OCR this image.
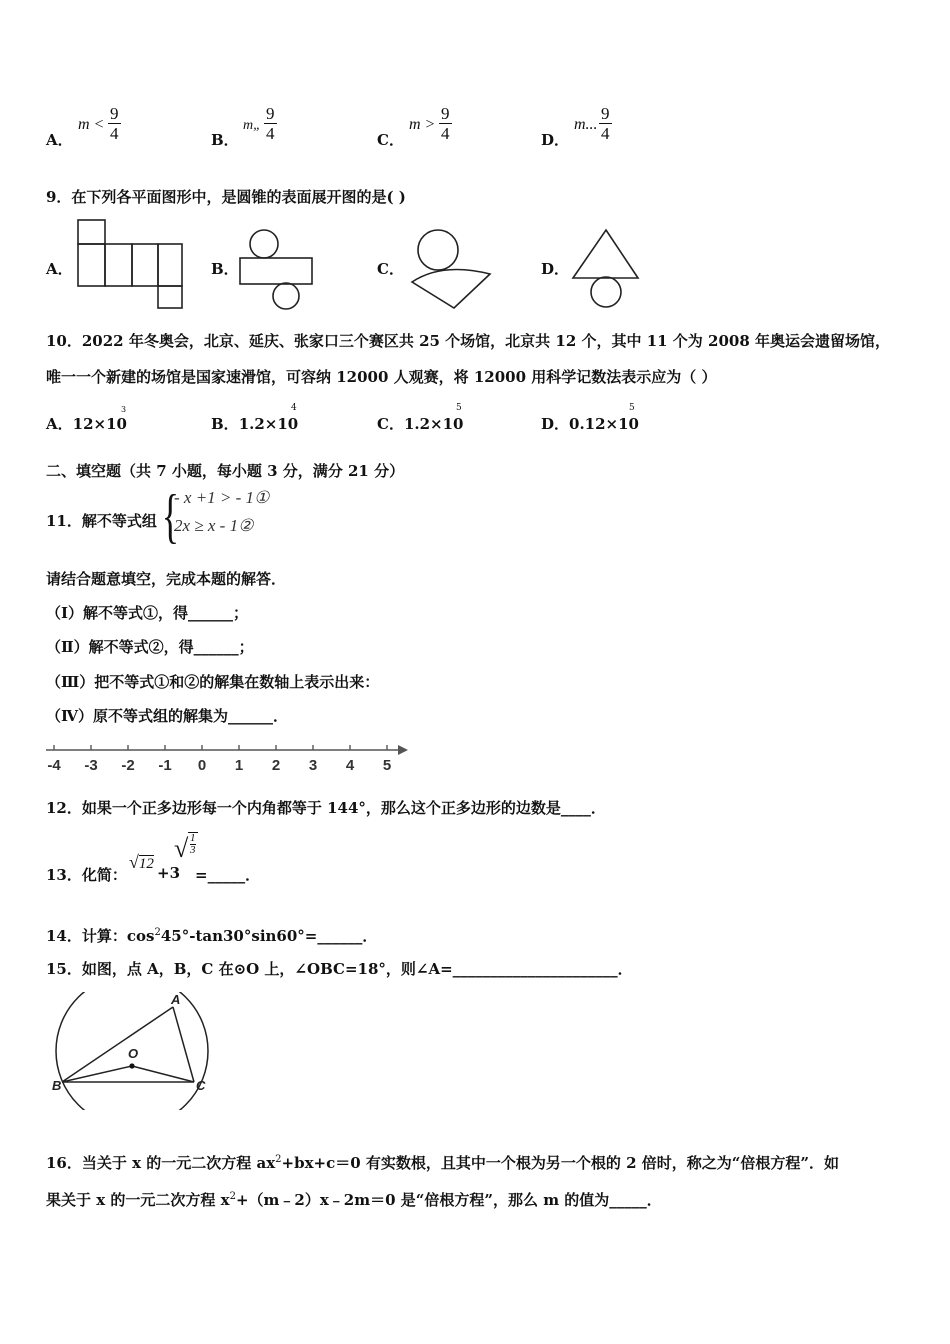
A．
$m < \frac{9}{4}$	B．
m„ $\frac{9}{4}$	C．
$m > \frac{9}{4}$	D．
m... $\frac{9}{4}$
9．在下列各平面图形中，是圆锥的表面展开图的是( )
A．	B．	C．	D．
10．2022 年冬奥会，北京、延庆、张家口三个赛区共 25 个场馆，北京共 12 个，其中 11 个为 2008 年奥运会遗留场馆，
唯一一个新建的场馆是国家速滑馆，可容纳 12000 人观赛，将 12000 用科学记数法表示应为（ ）
A．12×10
3
B．1.2×10
4
C．1.2×10
5
D．0.12×10
5
二、填空题（共 7 小题，每小题 3 分，满分 21 分）
11．解不等式组 {
- x +1 > - 1①
2x ≥ x - 1②
请结合题意填空，完成本题的解答．
（Ⅰ）解不等式①，得______；
（Ⅱ）解不等式②，得______；
（Ⅲ）把不等式①和②的解集在数轴上表示出来：
（Ⅳ）原不等式组的解集为______．
-4 -3 -2 -1 0 1 2 3 4 5
12．如果一个正多边形每一个内角都等于 144°，那么这个正多边形的边数是____．
13．化简：
√12 +3
√ 1
3
=_____．
14．计算：$\cos^245^\circ-\tan 30^\circ\sin 60^\circ=\_\_\_\_\_\_$．
15．如图，点 A，B，C 在⊙O 上，∠OBC=18°，则∠A=______________________．
A
B	C
O
16．当关于 x 的一元二次方程 $ax^2+bx+c=0$ 有实数根，且其中一个根为另一个根的 2 倍时，称之为“倍根方程”．如
果关于 x 的一元二次方程 $x^2+(m﹣2)x﹣2m=0$ 是“倍根方程”，那么 m 的值为_____．
